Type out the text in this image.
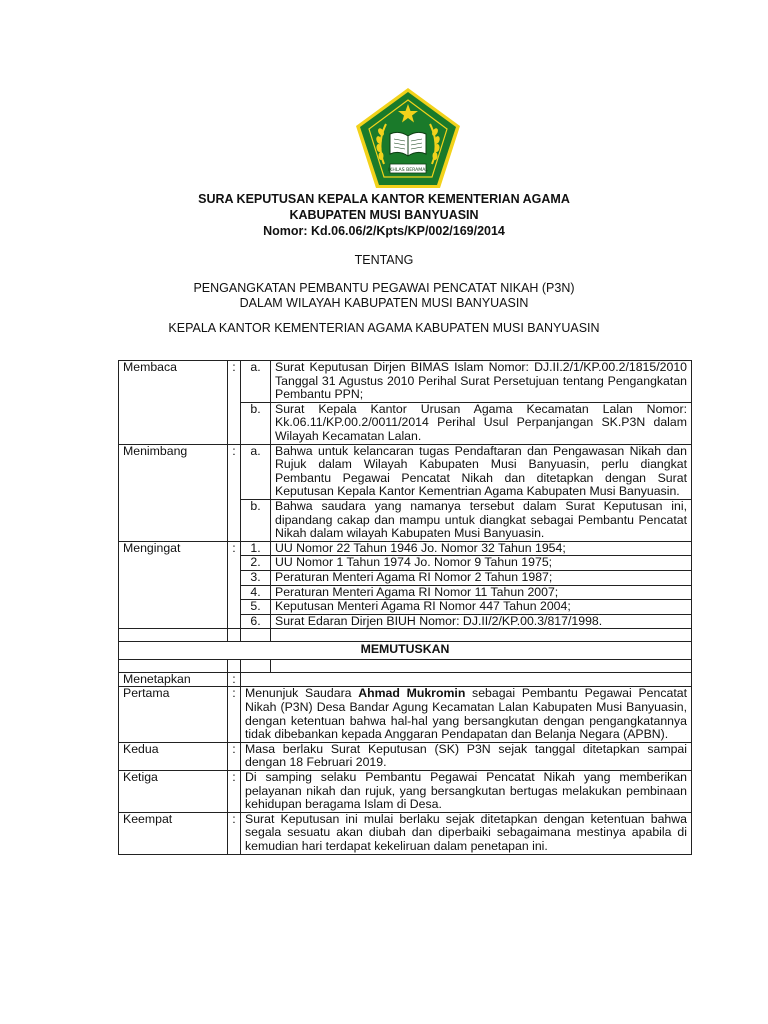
IKHLAS BERAMAL
SURA KEPUTUSAN KEPALA KANTOR KEMENTERIAN AGAMA
KABUPATEN MUSI BANYUASIN
Nomor: Kd.06.06/2/Kpts/KP/002/169/2014
TENTANG
PENGANGKATAN PEMBANTU PEGAWAI PENCATAT NIKAH (P3N)
DALAM WILAYAH KABUPATEN MUSI BANYUASIN
KEPALA KANTOR KEMENTERIAN AGAMA KABUPATEN MUSI BANYUASIN
Membaca	:	a.	Surat Keputusan Dirjen BIMAS Islam Nomor: DJ.II.2/1/KP.00.2/1815/2010 Tanggal 31 Agustus 2010 Perihal Surat Persetujuan tentang Pengangkatan Pembantu PPN;
		b.	Surat Kepala Kantor Urusan Agama Kecamatan Lalan Nomor: Kk.06.11/KP.00.2/0011/2014 Perihal Usul Perpanjangan SK.P3N dalam Wilayah Kecamatan Lalan.
Menimbang	:	a.	Bahwa untuk kelancaran tugas Pendaftaran dan Pengawasan Nikah dan Rujuk dalam Wilayah Kabupaten Musi Banyuasin, perlu diangkat Pembantu Pegawai Pencatat Nikah dan ditetapkan dengan Surat Keputusan Kepala Kantor Kementrian Agama Kabupaten Musi Banyuasin.
		b.	Bahwa saudara yang namanya tersebut dalam Surat Keputusan ini, dipandang cakap dan mampu untuk diangkat sebagai Pembantu Pencatat Nikah dalam wilayah Kabupaten Musi Banyuasin.
Mengingat	:	1.	UU Nomor 22 Tahun 1946 Jo. Nomor 32 Tahun 1954;
		2.	UU Nomor 1 Tahun 1974 Jo. Nomor 9 Tahun 1975;
		3.	Peraturan Menteri Agama RI Nomor 2 Tahun 1987;
		4.	Peraturan Menteri Agama RI Nomor 11 Tahun 2007;
		5.	Keputusan Menteri Agama RI Nomor 447 Tahun 2004;
		6.	Surat Edaran Dirjen BIUH Nomor: DJ.II/2/KP.00.3/817/1998.

MEMUTUSKAN			

Menetapkan	:		
Pertama	:	Menunjuk Saudara Ahmad Mukromin sebagai Pembantu Pegawai Pencatat Nikah (P3N) Desa Bandar Agung Kecamatan Lalan Kabupaten Musi Banyuasin, dengan ketentuan bahwa hal-hal yang bersangkutan dengan pengangkatannya tidak dibebankan kepada Anggaran Pendapatan dan Belanja Negara (APBN).	
Kedua	:	Masa berlaku Surat Keputusan (SK) P3N sejak tanggal ditetapkan sampai dengan 18 Februari 2019.	
Ketiga	:	Di samping selaku Pembantu Pegawai Pencatat Nikah yang memberikan pelayanan nikah dan rujuk, yang bersangkutan bertugas melakukan pembinaan kehidupan beragama Islam di Desa.	
Keempat	:	Surat Keputusan ini mulai berlaku sejak ditetapkan dengan ketentuan bahwa segala sesuatu akan diubah dan diperbaiki sebagaimana mestinya apabila di kemudian hari terdapat kekeliruan dalam penetapan ini.	
